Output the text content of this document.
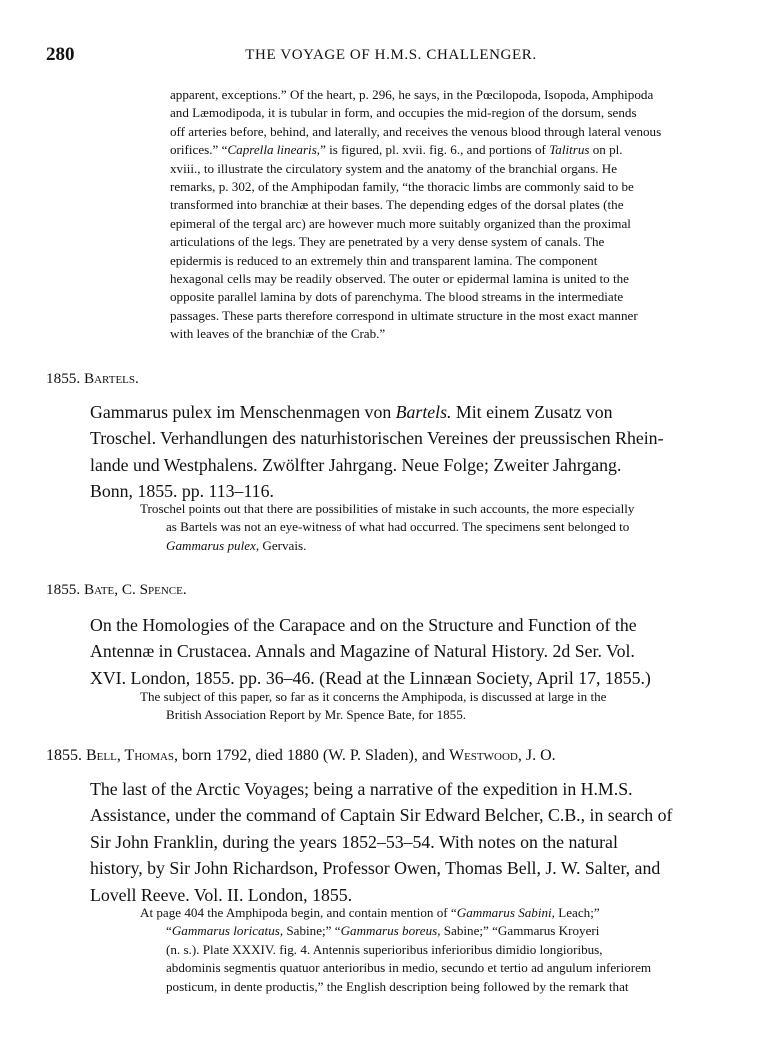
280	THE VOYAGE OF H.M.S. CHALLENGER.
apparent, exceptions.” Of the heart, p. 296, he says, in the Pœcilopoda, Isopoda, Amphipoda
and Læmodipoda, it is tubular in form, and occupies the mid-region of the dorsum, sends
off arteries before, behind, and laterally, and receives the venous blood through lateral venous
orifices.” “Caprella linearis,” is figured, pl. xvii. fig. 6., and portions of Talitrus on pl.
xviii., to illustrate the circulatory system and the anatomy of the branchial organs. He
remarks, p. 302, of the Amphipodan family, “the thoracic limbs are commonly said to be
transformed into branchiæ at their bases. The depending edges of the dorsal plates (the
epimeral of the tergal arc) are however much more suitably organized than the proximal
articulations of the legs. They are penetrated by a very dense system of canals. The
epidermis is reduced to an extremely thin and transparent lamina. The component
hexagonal cells may be readily observed. The outer or epidermal lamina is united to the
opposite parallel lamina by dots of parenchyma. The blood streams in the intermediate
passages. These parts therefore correspond in ultimate structure in the most exact manner
with leaves of the branchiæ of the Crab.”
1855. Bartels.
Gammarus pulex im Menschenmagen von Bartels. Mit einem Zusatz von
Troschel. Verhandlungen des naturhistorischen Vereines der preussischen Rhein-
lande und Westphalens. Zwölfter Jahrgang. Neue Folge; Zweiter Jahrgang.
Bonn, 1855. pp. 113–116.
Troschel points out that there are possibilities of mistake in such accounts, the more especially
as Bartels was not an eye-witness of what had occurred. The specimens sent belonged to
Gammarus pulex, Gervais.
1855. Bate, C. Spence.
On the Homologies of the Carapace and on the Structure and Function of the
Antennæ in Crustacea. Annals and Magazine of Natural History. 2d Ser. Vol.
XVI. London, 1855. pp. 36–46. (Read at the Linnæan Society, April 17, 1855.)
The subject of this paper, so far as it concerns the Amphipoda, is discussed at large in the
British Association Report by Mr. Spence Bate, for 1855.
1855. Bell, Thomas, born 1792, died 1880 (W. P. Sladen), and Westwood, J. O.
The last of the Arctic Voyages; being a narrative of the expedition in H.M.S.
Assistance, under the command of Captain Sir Edward Belcher, C.B., in search of
Sir John Franklin, during the years 1852–53–54. With notes on the natural
history, by Sir John Richardson, Professor Owen, Thomas Bell, J. W. Salter, and
Lovell Reeve. Vol. II. London, 1855.
At page 404 the Amphipoda begin, and contain mention of “Gammarus Sabini, Leach;”
“Gammarus loricatus, Sabine;” “Gammarus boreus, Sabine;” “Gammarus Kroyeri
(n. s.). Plate XXXIV. fig. 4. Antennis superioribus inferioribus dimidio longioribus,
abdominis segmentis quatuor anterioribus in medio, secundo et tertio ad angulum inferiorem
posticum, in dente productis,” the English description being followed by the remark that
